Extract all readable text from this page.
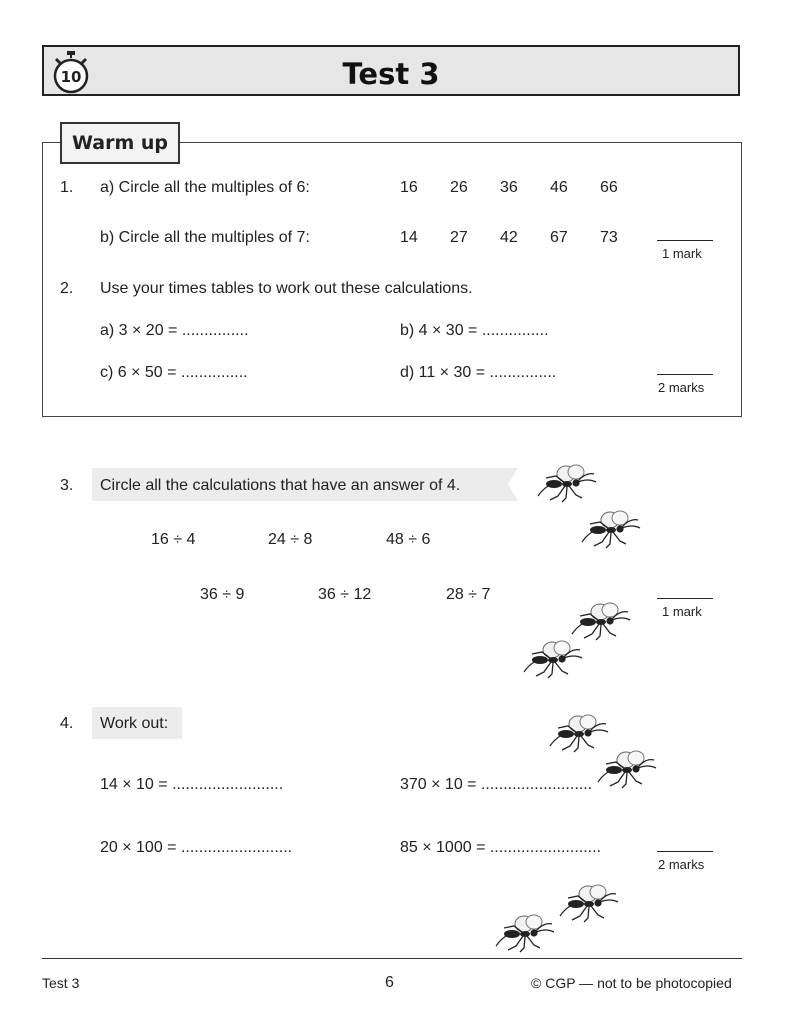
10	Test 3
Warm up
1. a) Circle all the multiples of 6:	16 26 36 46 66
b) Circle all the multiples of 7:	14 27 42 67 73
1 mark
2. Use your times tables to work out these calculations.
a) 3 × 20 = ...............	b) 4 × 30 = ...............
c) 6 × 50 = ...............	d) 11 × 30 = ...............
2 marks
3. Circle all the calculations that have an answer of 4.
16 ÷ 4	24 ÷ 8	48 ÷ 6
36 ÷ 9	36 ÷ 12	28 ÷ 7
1 mark
4. Work out:
14 × 10 = .........................	370 × 10 = .........................
20 × 100 = .........................	85 × 1000 = .........................
2 marks
Test 3	6	© CGP — not to be photocopied
